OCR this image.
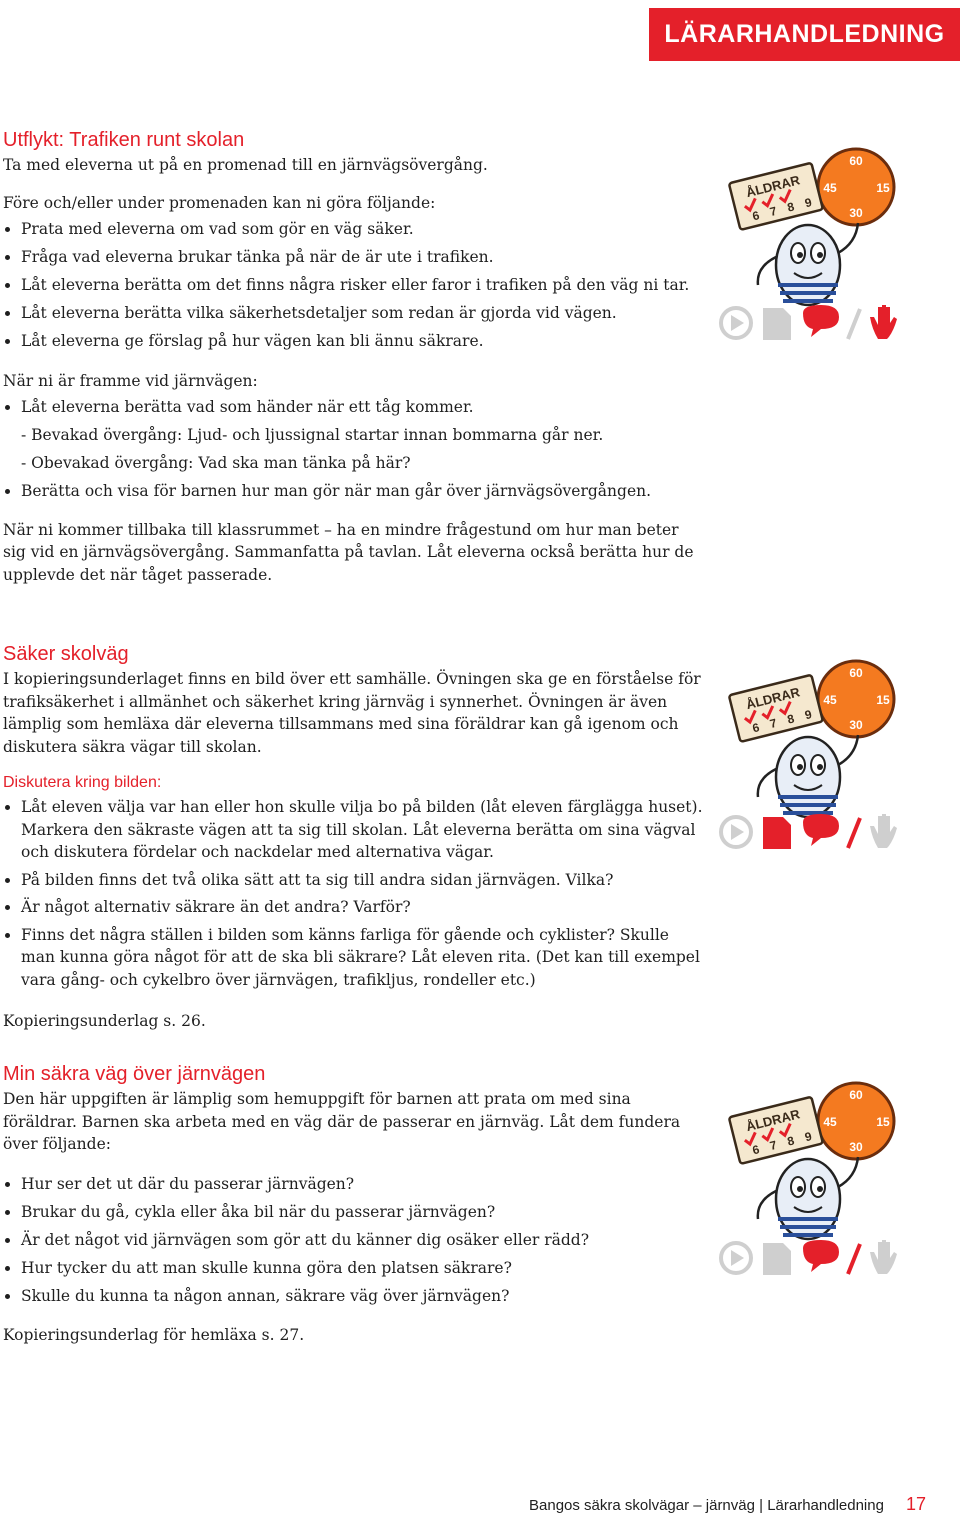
LÄRARHANDLEDNING
Utflykt: Trafiken runt skolan

Ta med eleverna ut på en promenad till en järnvägsövergång.

Före och/eller under promenaden kan ni göra följande:

Prata med eleverna om vad som gör en väg säker.
Fråga vad eleverna brukar tänka på när de är ute i trafiken.
Låt eleverna berätta om det finns några risker eller faror i trafiken på den väg ni tar.
Låt eleverna berätta vilka säkerhetsdetaljer som redan är gjorda vid vägen.
Låt eleverna ge förslag på hur vägen kan bli ännu säkrare.

När ni är framme vid järnvägen:

Låt eleverna berätta vad som händer när ett tåg kommer.
- Bevakad övergång: Ljud- och ljussignal startar innan bommarna går ner.
- Obevakad övergång: Vad ska man tänka på här?
Berätta och visa för barnen hur man gör när man går över järnvägsövergången.

När ni kommer tillbaka till klassrummet – ha en mindre frågestund om hur man beter sig vid en järnvägsövergång. Sammanfatta på tavlan. Låt eleverna också berätta hur de upplevde det när tåget passerade.

Säker skolväg

I kopieringsunderlaget finns en bild över ett samhälle. Övningen ska ge en förståelse för trafiksäkerhet i allmänhet och säkerhet kring järnväg i synnerhet. Övningen är även lämplig som hemläxa där eleverna tillsammans med sina föräldrar kan gå igenom och diskutera säkra vägar till skolan.

Diskutera kring bilden:
Låt eleven välja var han eller hon skulle vilja bo på bilden (låt eleven färglägga huset). Markera den säkraste vägen att ta sig till skolan. Låt eleverna berätta om sina vägval och diskutera fördelar och nackdelar med alternativa vägar.
På bilden finns det två olika sätt att ta sig till andra sidan järnvägen. Vilka?
Är något alternativ säkrare än det andra? Varför?
Finns det några ställen i bilden som känns farliga för gående och cyklister? Skulle man kunna göra något för att de ska bli säkrare? Låt eleven rita. (Det kan till exempel vara gång- och cykelbro över järnvägen, trafikljus, rondeller etc.)

Kopieringsunderlag s. 26.

Min säkra väg över järnvägen

Den här uppgiften är lämplig som hemuppgift för barnen att prata om med sina föräldrar. Barnen ska arbeta med en väg där de passerar en järnväg. Låt dem fundera över följande:

Hur ser det ut där du passerar järnvägen?
Brukar du gå, cykla eller åka bil när du passerar järnvägen?
Är det något vid järnvägen som gör att du känner dig osäker eller rädd?
Hur tycker du att man skulle kunna göra den platsen säkrare?
Skulle du kunna ta någon annan, säkrare väg över järnvägen?

Kopieringsunderlag för hemläxa s. 27.

60
15
30
45
ÅLDRAR
6 7 8 9
60
15
30
45
ÅLDRAR
6 7 8 9
60
15
30
45
ÅLDRAR
6 7 8 9
Bangos säkra skolvägar – järnväg | Lärarhandledning 17
